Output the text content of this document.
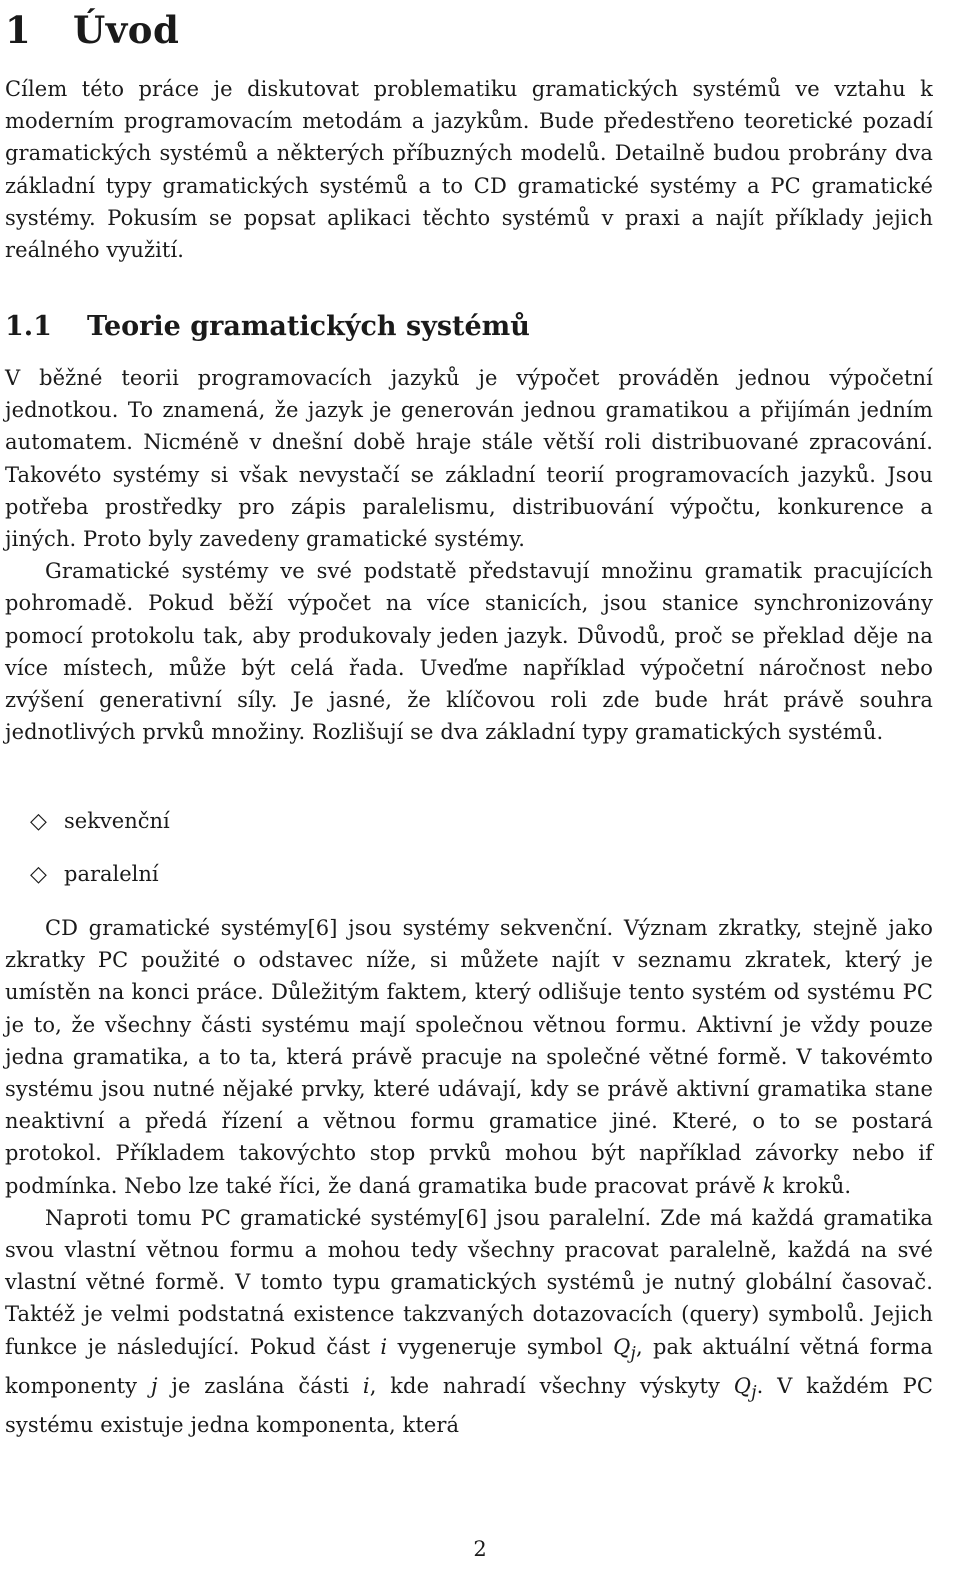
1 Úvod

Cílem této práce je diskutovat problematiku gramatických systémů ve vztahu k moderním programovacím metodám a jazykům. Bude předestřeno teoretické pozadí gramatických systémů a některých příbuzných modelů. Detailně budou probrány dva základní typy gramatických systémů a to CD gramatické systémy a PC gramatické systémy. Pokusím se popsat aplikaci těchto systémů v praxi a najít příklady jejich reálného využití.

1.1 Teorie gramatických systémů

V běžné teorii programovacích jazyků je výpočet prováděn jednou výpočetní jednotkou. To znamená, že jazyk je generován jednou gramatikou a přijímán jedním automatem. Nicméně v dnešní době hraje stále větší roli distribuované zpracování. Takovéto systémy si však nevystačí se základní teorií programovacích jazyků. Jsou potřeba prostředky pro zápis paralelismu, distribuování výpočtu, konkurence a jiných. Proto byly zavedeny gramatické systémy.

Gramatické systémy ve své podstatě představují množinu gramatik pracujících pohromadě. Pokud běží výpočet na více stanicích, jsou stanice synchronizovány pomocí protokolu tak, aby produkovaly jeden jazyk. Důvodů, proč se překlad děje na více místech, může být celá řada. Uveďme například výpočetní náročnost nebo zvýšení generativní síly. Je jasné, že klíčovou roli zde bude hrát právě souhra jednotlivých prvků množiny. Rozlišují se dva základní typy gramatických systémů.

◇ sekvenční
◇ paralelní

CD gramatické systémy[6] jsou systémy sekvenční. Význam zkratky, stejně jako zkratky PC použité o odstavec níže, si můžete najít v seznamu zkratek, který je umístěn na konci práce. Důležitým faktem, který odlišuje tento systém od systému PC je to, že všechny části systému mají společnou větnou formu. Aktivní je vždy pouze jedna gramatika, a to ta, která právě pracuje na společné větné formě. V takovémto systému jsou nutné nějaké prvky, které udávají, kdy se právě aktivní gramatika stane neaktivní a předá řízení a větnou formu gramatice jiné. Které, o to se postará protokol. Příkladem takovýchto stop prvků mohou být například závorky nebo if podmínka. Nebo lze také říci, že daná gramatika bude pracovat právě k kroků.

Naproti tomu PC gramatické systémy[6] jsou paralelní. Zde má každá gramatika svou vlastní větnou formu a mohou tedy všechny pracovat paralelně, každá na své vlastní větné formě. V tomto typu gramatických systémů je nutný globální časovač. Taktéž je velmi podstatná existence takzvaných dotazovacích (query) symbolů. Jejich funkce je následující. Pokud část i vygeneruje symbol $Q_j$, pak aktuální větná forma komponenty j je zaslána části i, kde nahradí všechny výskyty $Q_j$. V každém PC systému existuje jedna komponenta, která

2
